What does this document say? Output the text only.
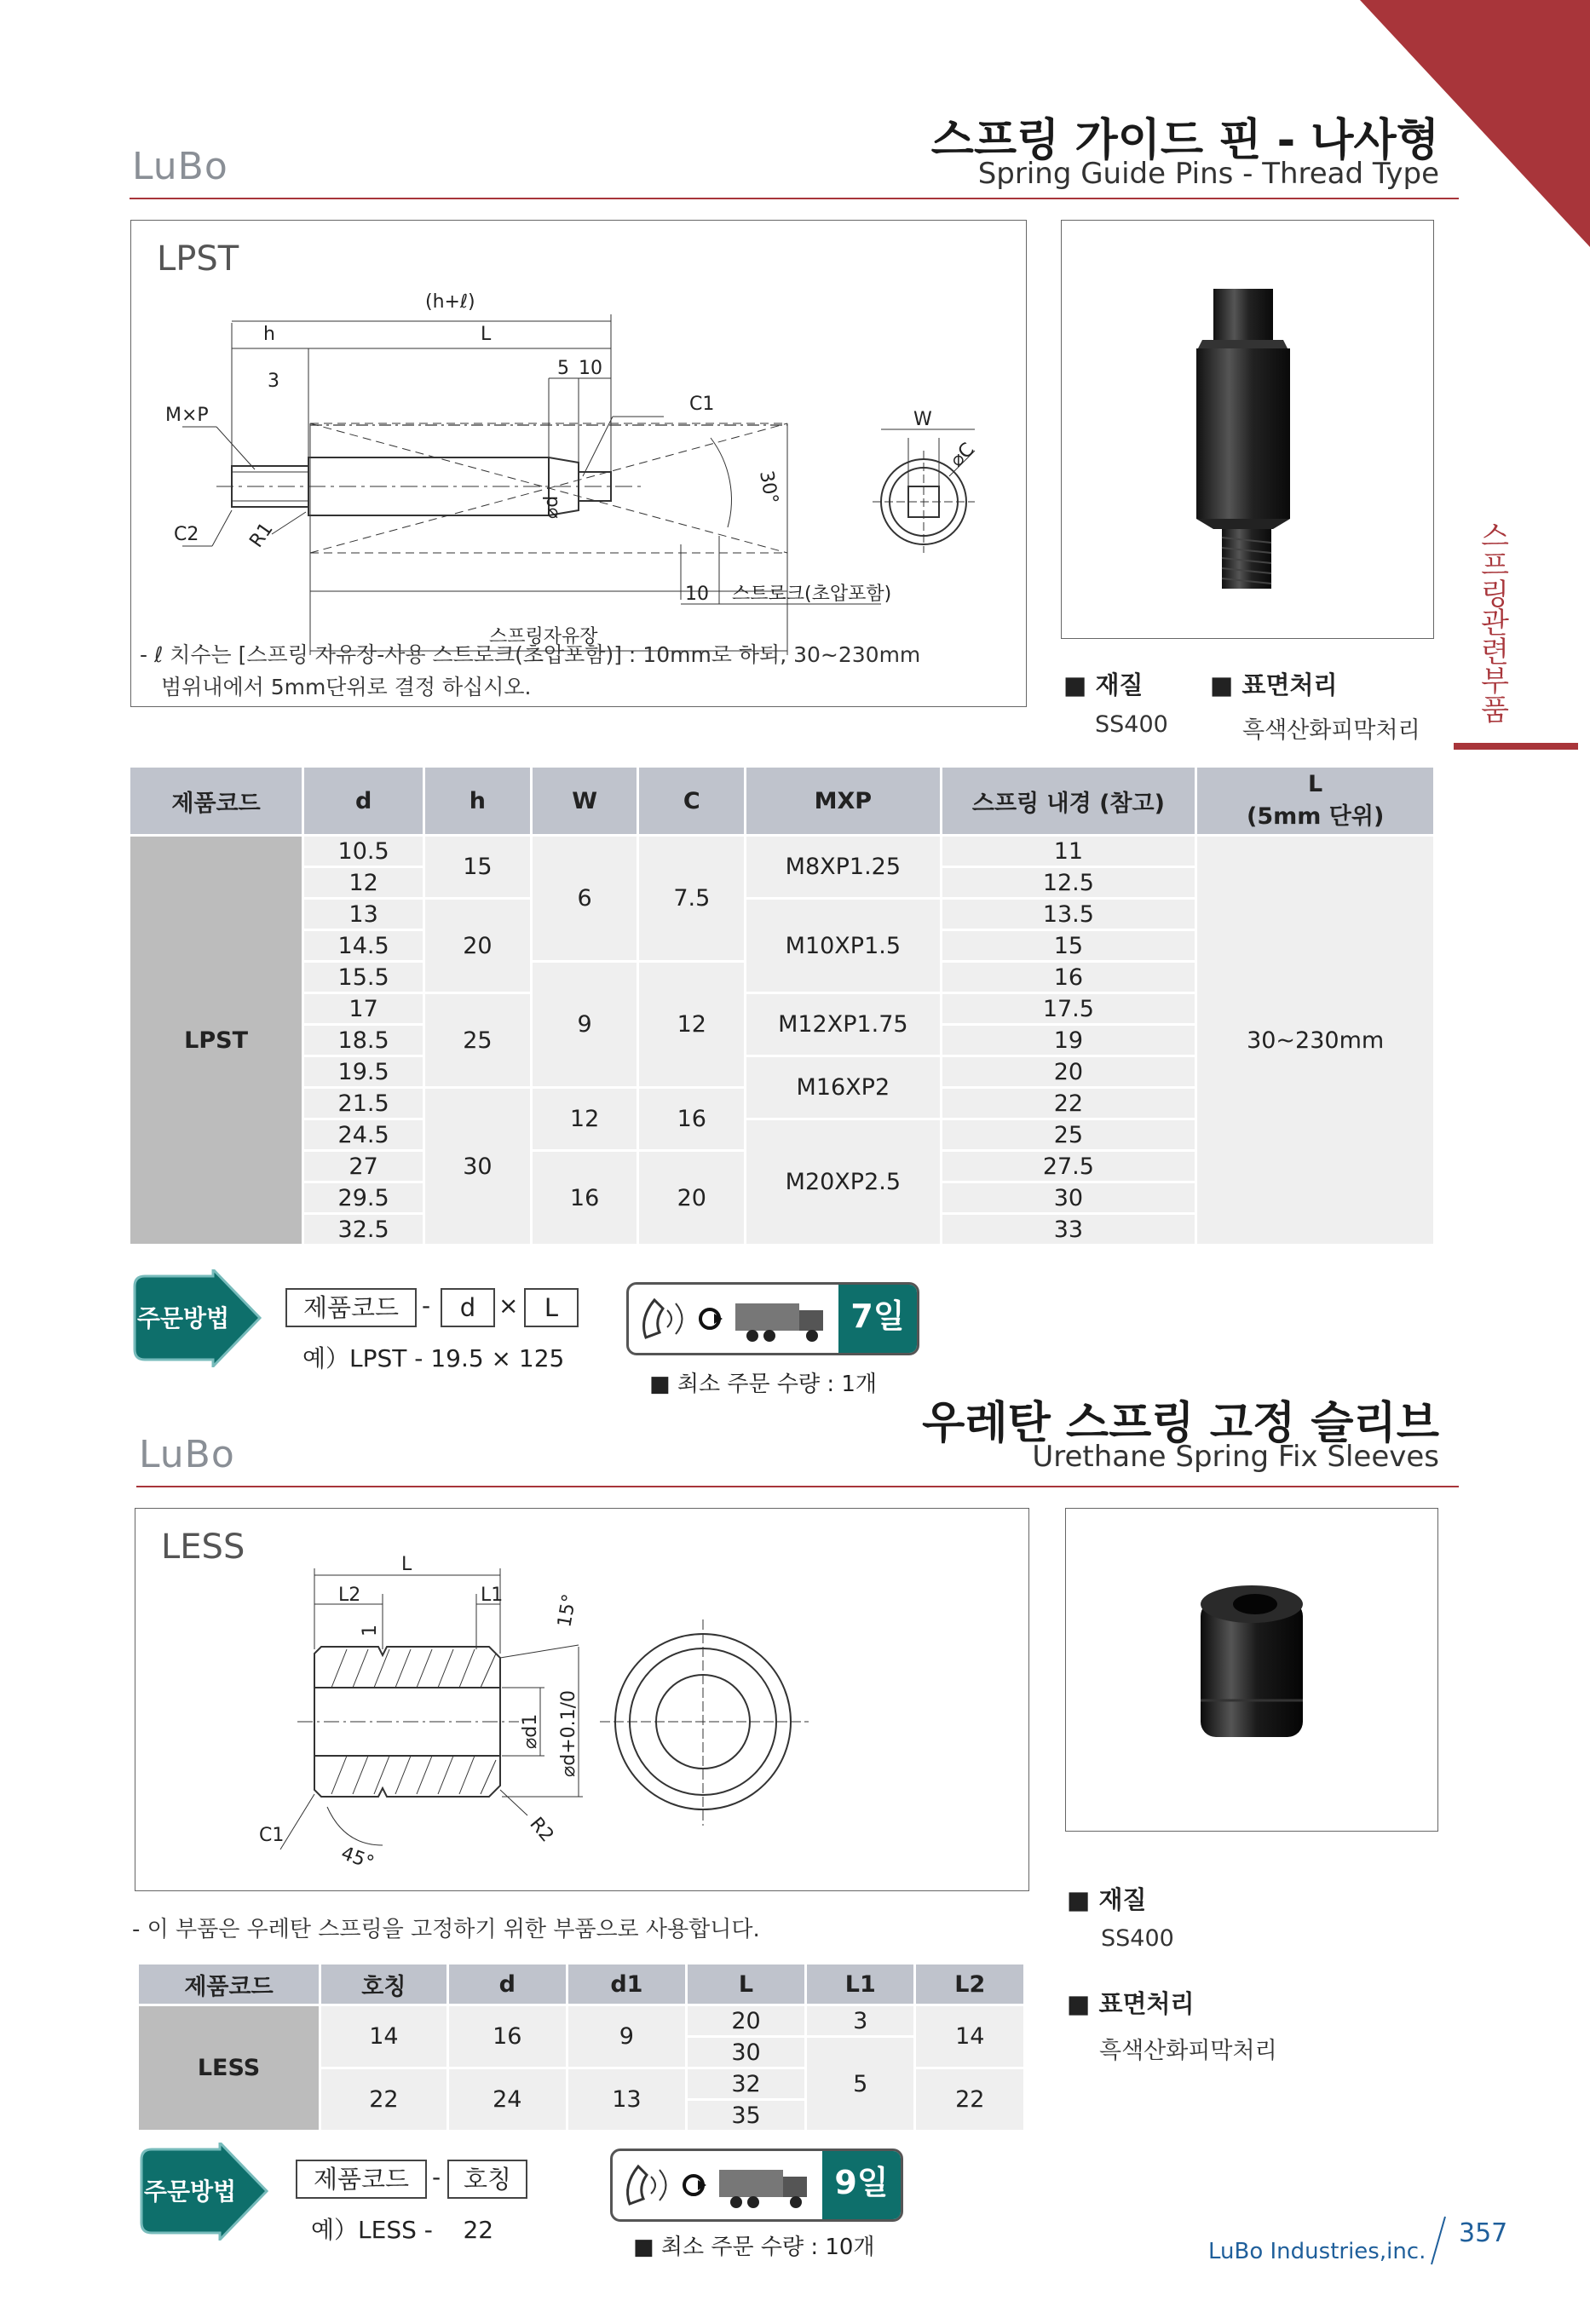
스프링관련부품
LuBo
스프링 가이드 핀 - 나사형
Spring Guide Pins - Thread Type
LPST
(h+ℓ)
h	L
3
5 10
C1
M×P
C2	R1
⌀d
30°
W
⌀C
10 스트로크(초압포함)
스프링자유장
- ℓ 치수는 [스프링 자유장-사용 스트로크(초압포함)] : 10mm로 하되, 30~230mm
범위내에서 5mm단위로 결정 하십시오.	■ 재질
SS400
■ 표면처리
흑색산화피막처리
제품코드	d	h	W	C	MXP	스프링 내경 (참고)	L
(5mm 단위)

LPST	10.5	15	6	7.5	M8XP1.25	11	30~230mm
	12					12.5	
	13	20			M10XP1.5	13.5	
	14.5					15	
	15.5		9	12		16	
	17	25			M12XP1.75	17.5	
	18.5					19	
	19.5				M16XP2	20	
	21.5	30	12	16		22	
	24.5				M20XP2.5	25	
	27		16	20		27.5	
	29.5					30	
	32.5					33	
주문방법	제품코드 -	d ×	L
예）LPST - 19.5 × 125
7일
■ 최소 주문 수량 : 1개
우레탄 스프링 고정 슬리브
LuBo	Urethane Spring Fix Sleeves
LESS	L
L2	L1
1
15°
⌀d1 ⌀d+0.1/0
C1
45°
R2
- 이 부품은 우레탄 스프링을 고정하기 위한 부품으로 사용합니다.
■ 재질
SS400
■ 표면처리
흑색산화피막처리
제품코드	호칭	d	d1	L	L1	L2
LESS	14	16	9	20	3	14
				30	5	
	22	24	13	32		22
				35		
주문방법	제품코드 - 호칭
예）LESS -    22
9일
■ 최소 주문 수량 : 10개	LuBo Industries,inc.
357
